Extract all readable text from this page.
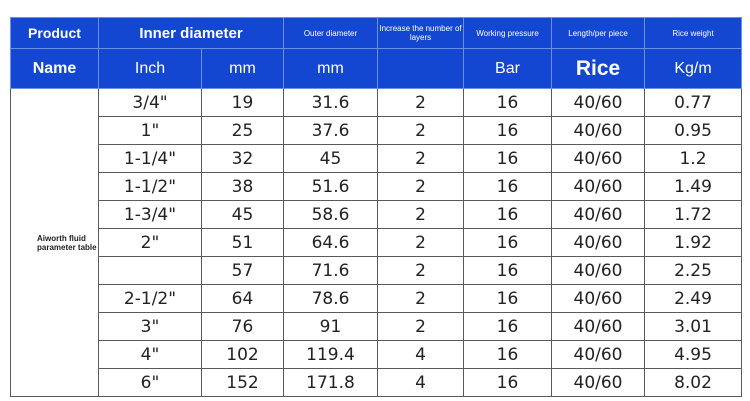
Product	Inner diameter		Outer diameter	Increase the number of layers	Working pressure	Length/per piece	Rice weight
Name	Inch	mm	mm		Bar	Rice	Kg/m

Aiworth fluid parameter table	3/4"	19	31.6	2	16	40/60	0.77
	1"	25	37.6	2	16	40/60	0.95
	1-1/4"	32	45	2	16	40/60	1.2
	1-1/2"	38	51.6	2	16	40/60	1.49
	1-3/4"	45	58.6	2	16	40/60	1.72
	2"	51	64.6	2	16	40/60	1.92
		57	71.6	2	16	40/60	2.25
	2-1/2"	64	78.6	2	16	40/60	2.49
	3"	76	91	2	16	40/60	3.01
	4"	102	119.4	4	16	40/60	4.95
	6"	152	171.8	4	16	40/60	8.02
